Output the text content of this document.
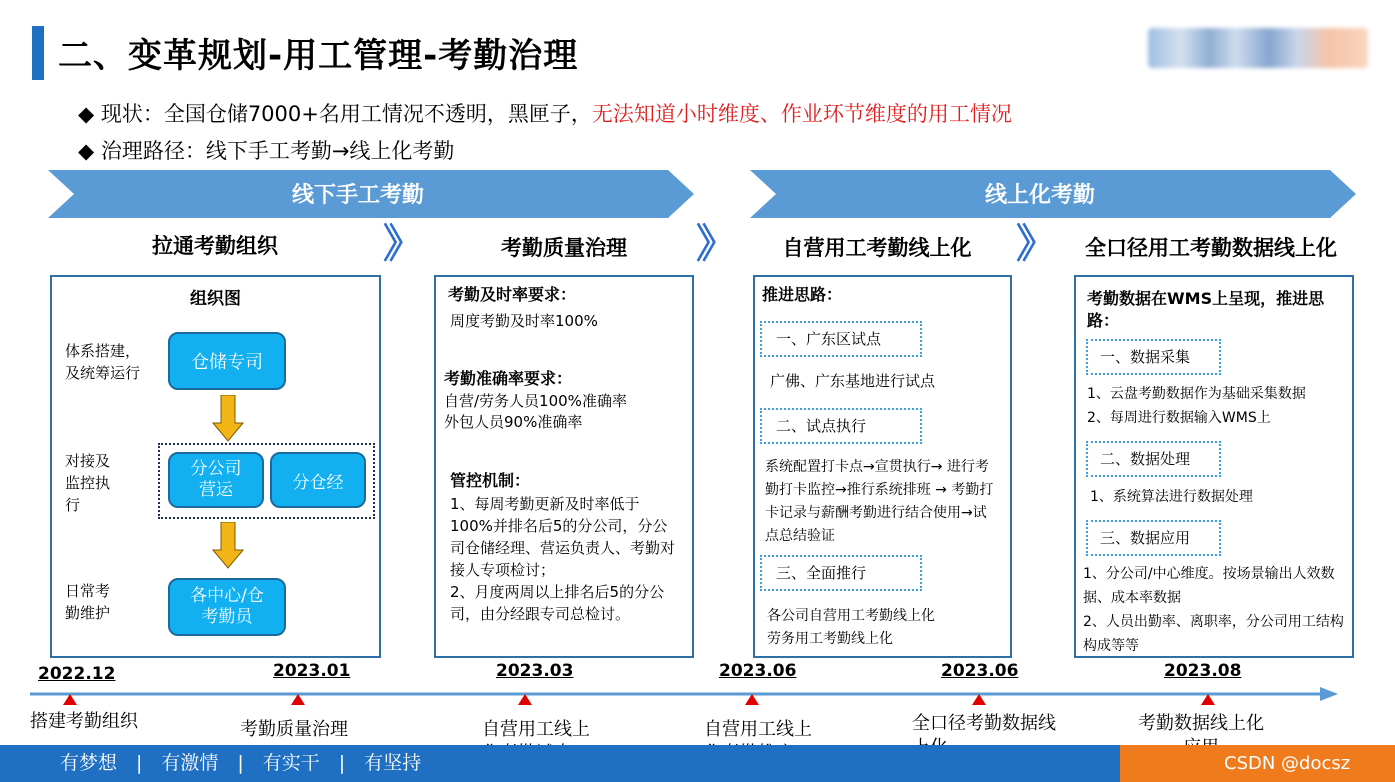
二、变革规划-用工管理-考勤治理
◆ 现状：全国仓储7000+名用工情况不透明，黑匣子，无法知道小时维度、作业环节维度的用工情况
◆ 治理路径：线下手工考勤→线上化考勤
线下手工考勤	线上化考勤
拉通考勤组织	考勤质量治理	自营用工考勤线上化	全口径用工考勤数据线上化
》	》	》
组织图
体系搭建，
及统筹运行
对接及
监控执
行
日常考
勤维护
仓储专司
分公司
营运	分仓经
各中心/仓
考勤员
考勤及时率要求：
周度考勤及时率100%
考勤准确率要求：
自营/劳务人员100%准确率
外包人员90%准确率
管控机制：
1、每周考勤更新及时率低于100%并排名后5的分公司，分公司仓储经理、营运负责人、考勤对接人专项检讨；
2、月度两周以上排名后5的分公司，由分经跟专司总检讨。
推进思路：
一、广东区试点
广佛、广东基地进行试点
二、试点执行
系统配置打卡点→宣贯执行→ 进行考勤打卡监控→推行系统排班 → 考勤打卡记录与薪酬考勤进行结合使用→试点总结验证
三、全面推行
各公司自营用工考勤线上化
劳务用工考勤线上化
考勤数据在WMS上呈现，推进思路：
一、数据采集
1、云盘考勤数据作为基础采集数据
2、每周进行数据输入WMS上
二、数据处理
1、系统算法进行数据处理
三、数据应用
1、分公司/中心维度。按场景输出人效数据、成本率数据
2、人员出勤率、离职率，分公司用工结构构成等等
2022.12	2023.01	2023.03	2023.06	2023.06	2023.08
搭建考勤组织	考勤质量治理	自营用工线上	自营用工线上	全口径考勤数据线	考勤数据线上化

有梦想　|　有激情　|　有实干　|　有坚持	CSDN @docsz
